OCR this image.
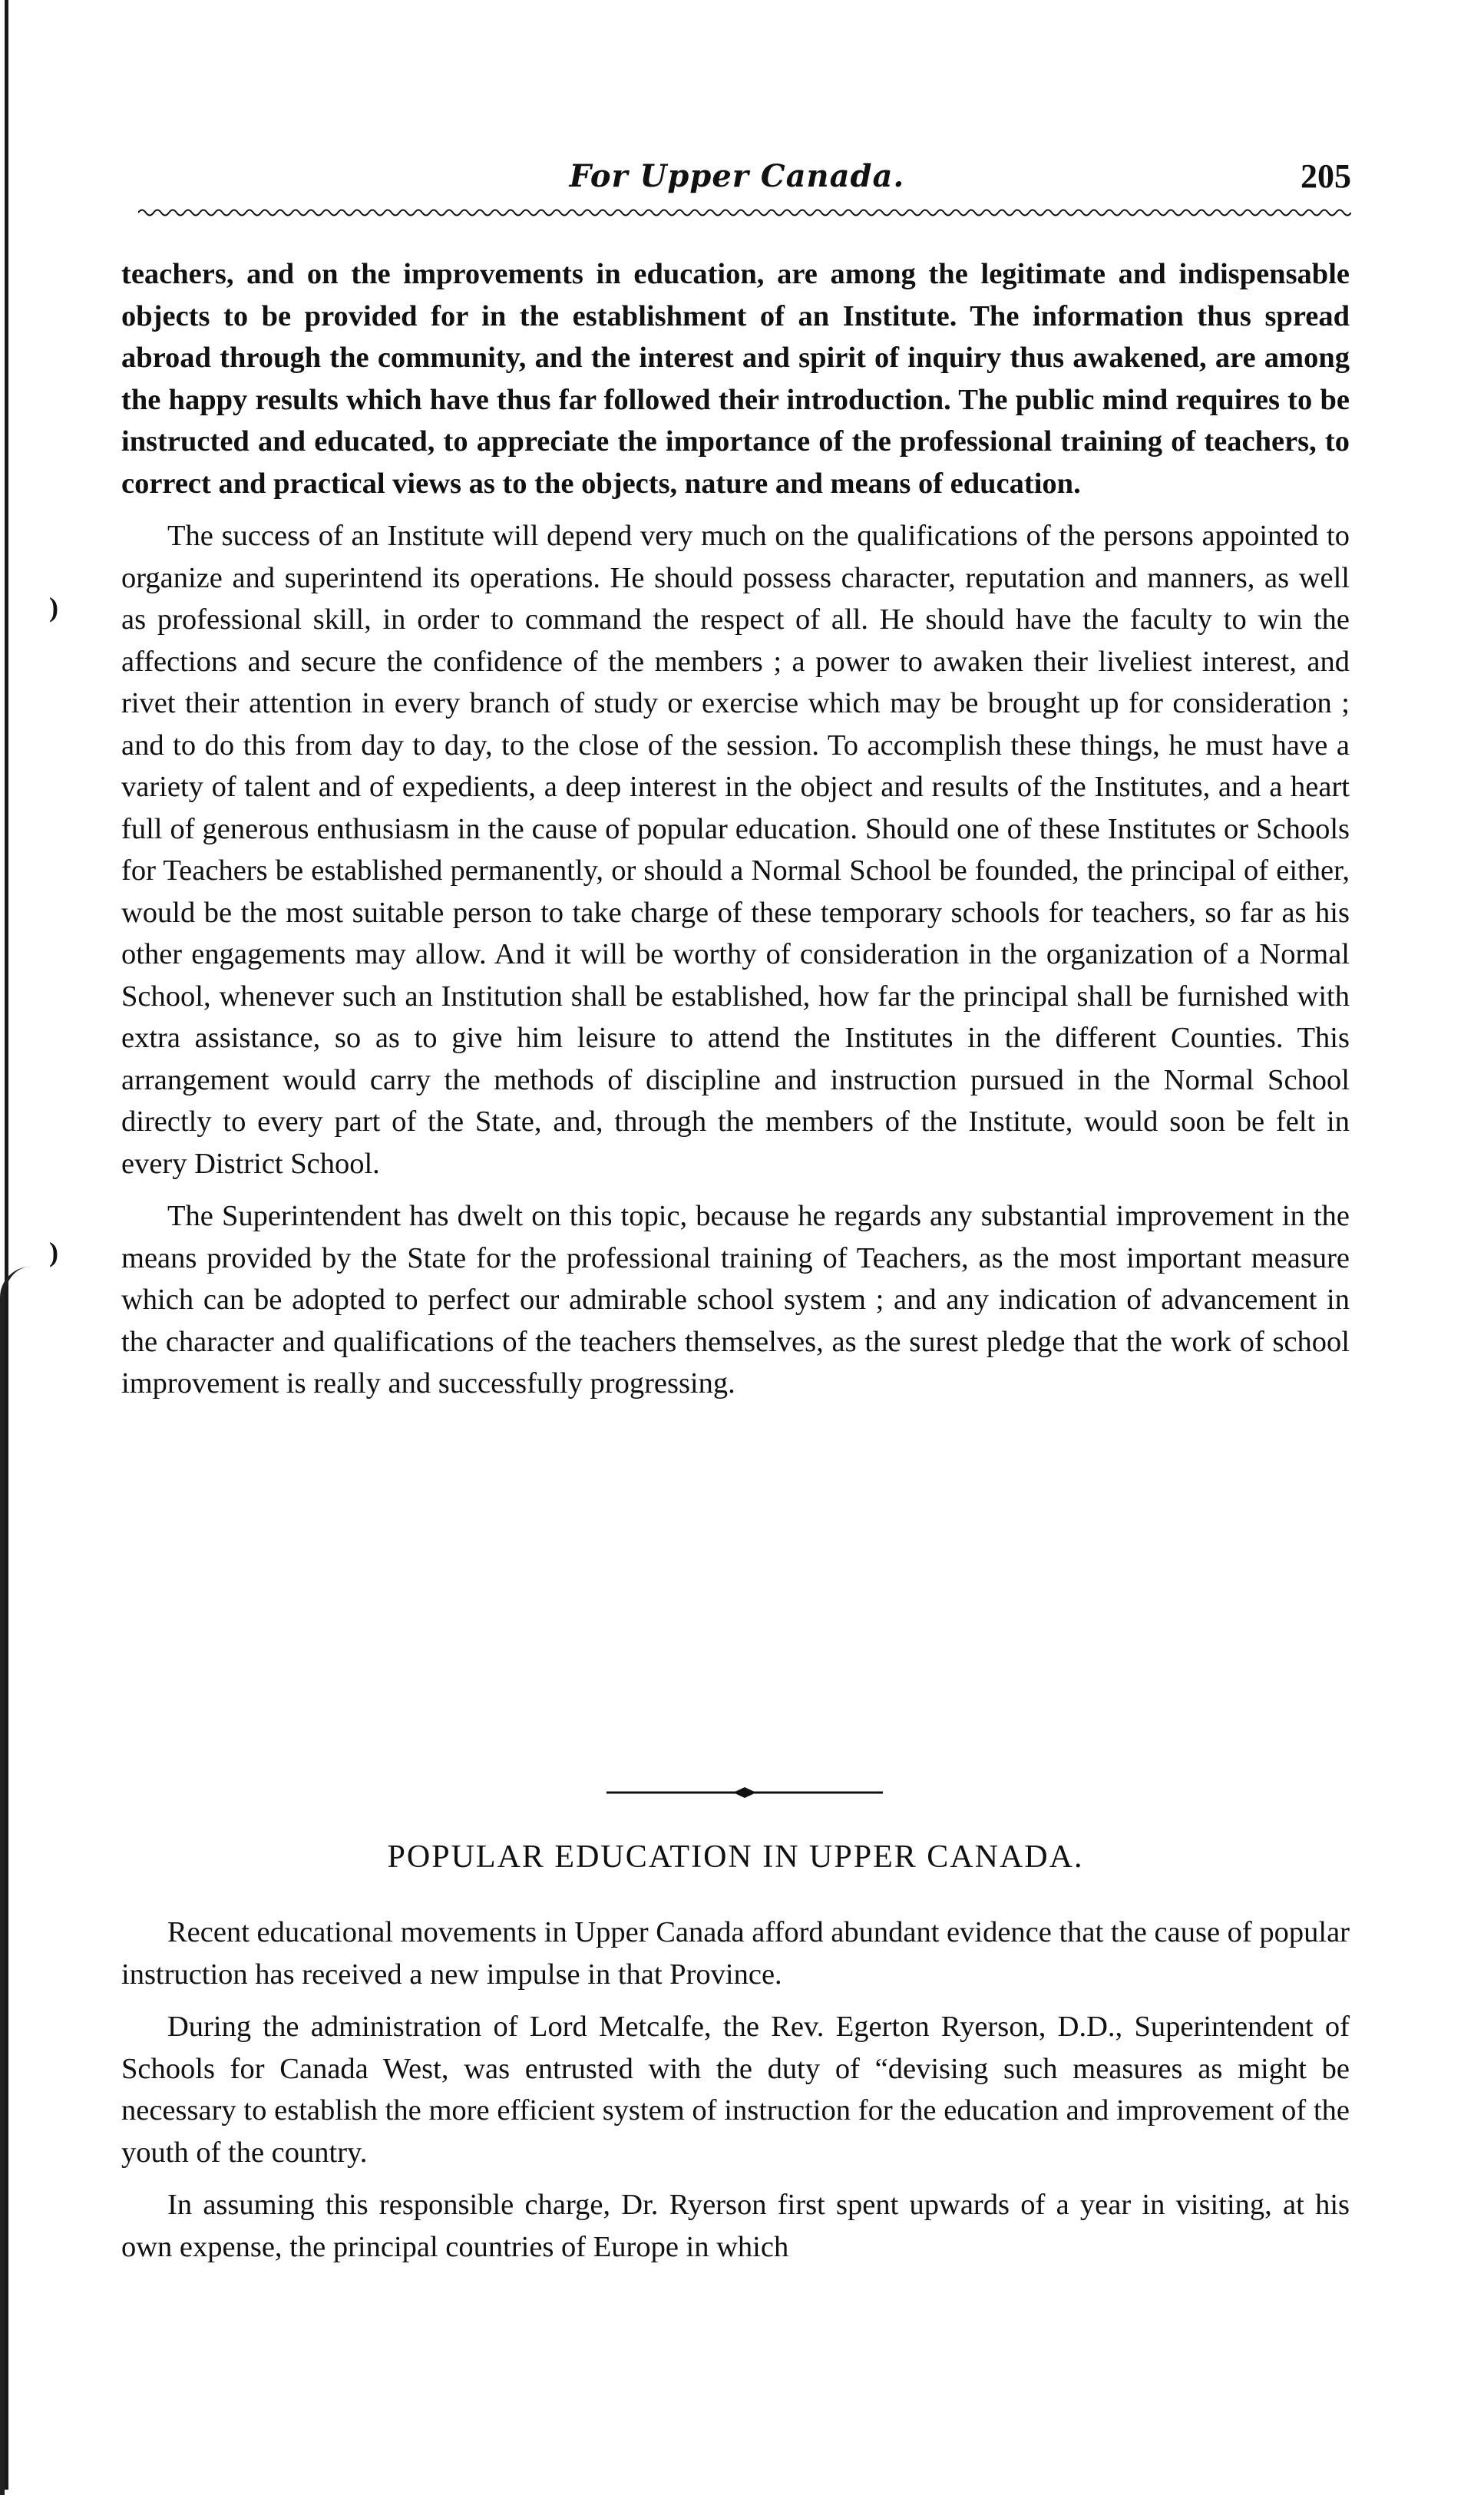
)
)
For Upper Canada.	205

teachers, and on the improvements in education, are among the legitimate and indispensable objects to be provided for in the establishment of an Institute. The information thus spread abroad through the community, and the interest and spirit of inquiry thus awakened, are among the happy results which have thus far followed their introduction. The public mind requires to be instructed and educated, to appreciate the importance of the professional training of teachers, to correct and practical views as to the objects, nature and means of education.

The success of an Institute will depend very much on the qualifications of the persons appointed to organize and superintend its operations. He should possess character, reputation and manners, as well as professional skill, in order to command the respect of all. He should have the faculty to win the affections and secure the confidence of the members ; a power to awaken their liveliest interest, and rivet their attention in every branch of study or exercise which may be brought up for consideration ; and to do this from day to day, to the close of the session. To accomplish these things, he must have a variety of talent and of expedients, a deep interest in the object and results of the Institutes, and a heart full of generous enthusiasm in the cause of popular education. Should one of these Institutes or Schools for Teachers be established permanently, or should a Normal School be founded, the principal of either, would be the most suitable person to take charge of these temporary schools for teachers, so far as his other engagements may allow. And it will be worthy of consideration in the organization of a Normal School, whenever such an Institution shall be established, how far the principal shall be furnished with extra assistance, so as to give him leisure to attend the Institutes in the different Counties. This arrangement would carry the methods of discipline and instruction pursued in the Normal School directly to every part of the State, and, through the members of the Institute, would soon be felt in every District School.

The Superintendent has dwelt on this topic, because he regards any substantial improvement in the means provided by the State for the professional training of Teachers, as the most important measure which can be adopted to perfect our admirable school system ; and any indication of advancement in the character and qualifications of the teachers themselves, as the surest pledge that the work of school improvement is really and successfully progressing.

POPULAR EDUCATION IN UPPER CANADA.

Recent educational movements in Upper Canada afford abundant evidence that the cause of popular instruction has received a new impulse in that Province.

During the administration of Lord Metcalfe, the Rev. Egerton Ryerson, D.D., Superintendent of Schools for Canada West, was entrusted with the duty of “devising such measures as might be necessary to establish the more efficient system of instruction for the education and improvement of the youth of the country.

In assuming this responsible charge, Dr. Ryerson first spent upwards of a year in visiting, at his own expense, the principal countries of Europe in which
